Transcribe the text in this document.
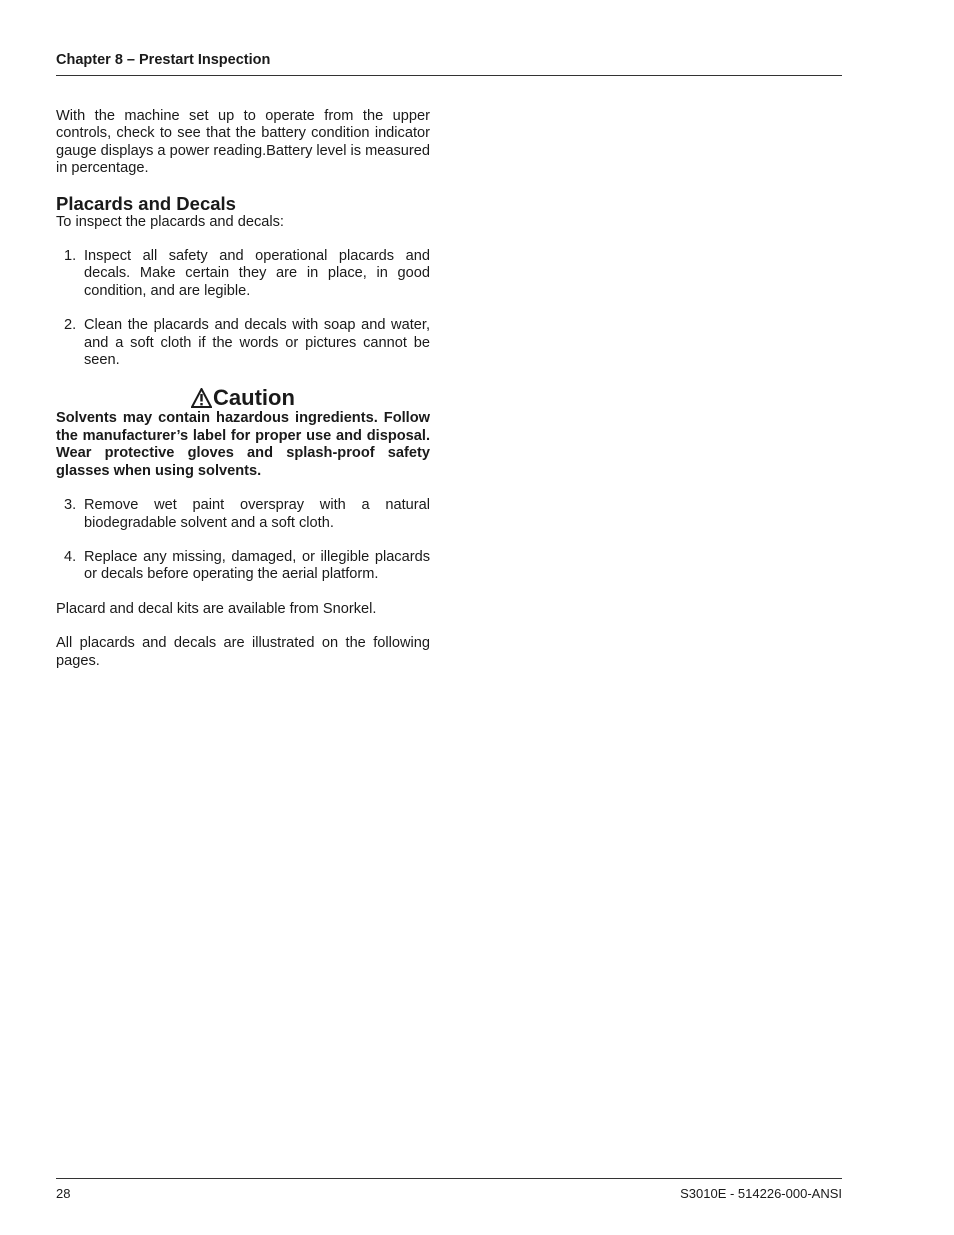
Chapter 8 – Prestart Inspection

With the machine set up to operate from the upper controls, check to see that the battery condition indicator gauge displays a power reading.Battery level is measured in percentage.

Placards and Decals

To inspect the placards and decals:

1. Inspect all safety and operational placards and decals. Make certain they are in place, in good condition, and are legible.
2. Clean the placards and decals with soap and water, and a soft cloth if the words or pictures cannot be seen.
Caution

Solvents may contain hazardous ingredients. Follow the manufacturer’s label for proper use and disposal. Wear protective gloves and splash-proof safety glasses when using solvents.

3. Remove wet paint overspray with a natural biodegradable solvent and a soft cloth.
4. Replace any missing, damaged, or illegible placards or decals before operating the aerial platform.

Placard and decal kits are available from Snorkel.

All placards and decals are illustrated on the following pages.

28	S3010E - 514226-000-ANSI
